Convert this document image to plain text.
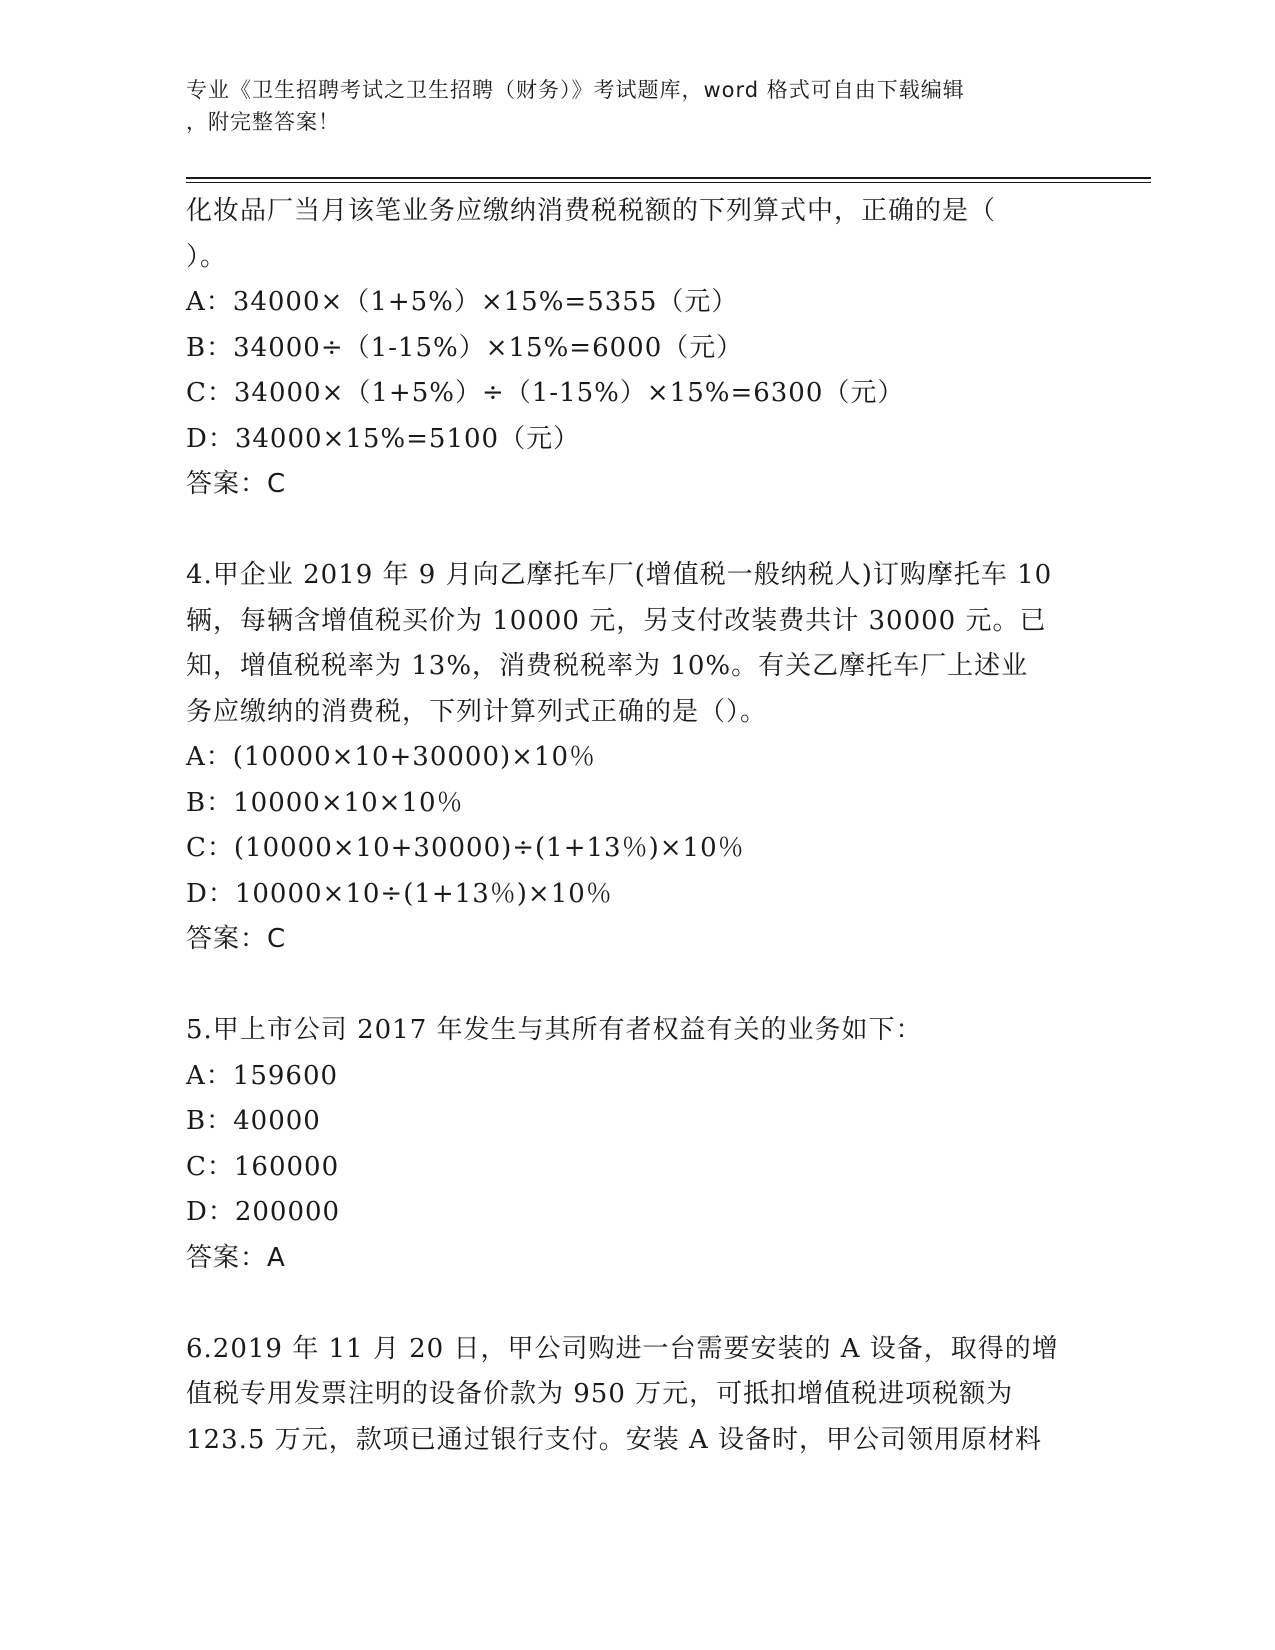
专业《卫生招聘考试之卫生招聘（财务）》考试题库，word 格式可自由下载编辑
，附完整答案！
化妆品厂当月该笔业务应缴纳消费税税额的下列算式中，正确的是（
）。
A：34000×（1+5%）×15%=5355（元）
B：34000÷（1-15%）×15%=6000（元）
C：34000×（1+5%）÷（1-15%）×15%=6300（元）
D：34000×15%=5100（元）
答案：C
4.甲企业 2019 年 9 月向乙摩托车厂(增值税一般纳税人)订购摩托车 10
辆，每辆含增值税买价为 10000 元，另支付改装费共计 30000 元。已
知，增值税税率为 13%，消费税税率为 10%。有关乙摩托车厂上述业
务应缴纳的消费税，下列计算列式正确的是（）。
A：(10000×10+30000)×10％
B：10000×10×10％
C：(10000×10+30000)÷(1+13％)×10％
D：10000×10÷(1+13％)×10％
答案：C
5.甲上市公司 2017 年发生与其所有者权益有关的业务如下：
A：159600
B：40000
C：160000
D：200000
答案：A
6.2019 年 11 月 20 日，甲公司购进一台需要安装的 A 设备，取得的增
值税专用发票注明的设备价款为 950 万元，可抵扣增值税进项税额为
123.5 万元，款项已通过银行支付。安装 A 设备时，甲公司领用原材料
